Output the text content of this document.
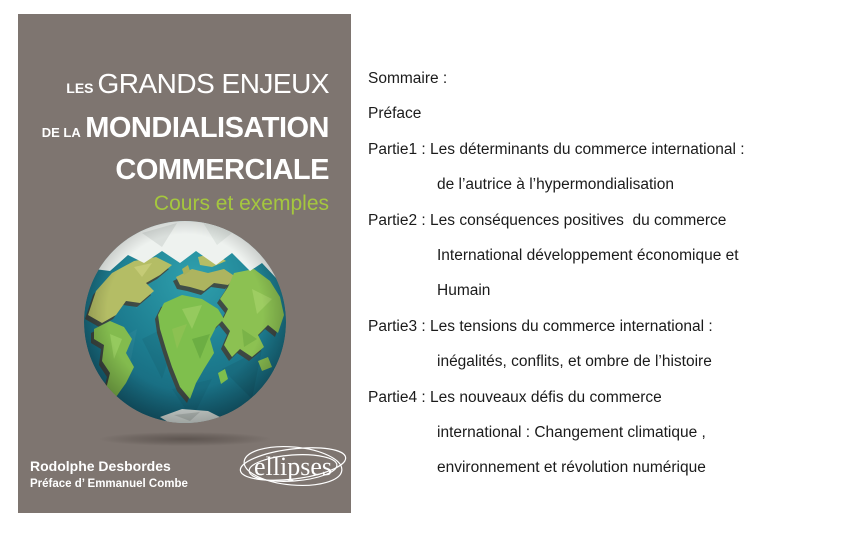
LES GRANDS ENJEUX
DE LA MONDIALISATION
COMMERCIALE
Cours et exemples
Rodolphe Desbordes
Préface d’ Emmanuel Combe
ellipses
Sommaire :
Préface
Partie1 : Les déterminants du commerce international :
de l’autrice à l’hypermondialisation
Partie2 : Les conséquences positives  du commerce
International développement économique et
Humain
Partie3 : Les tensions du commerce international :
inégalités, conflits, et ombre de l’histoire
Partie4 : Les nouveaux défis du commerce
international : Changement climatique ,
environnement et révolution numérique
